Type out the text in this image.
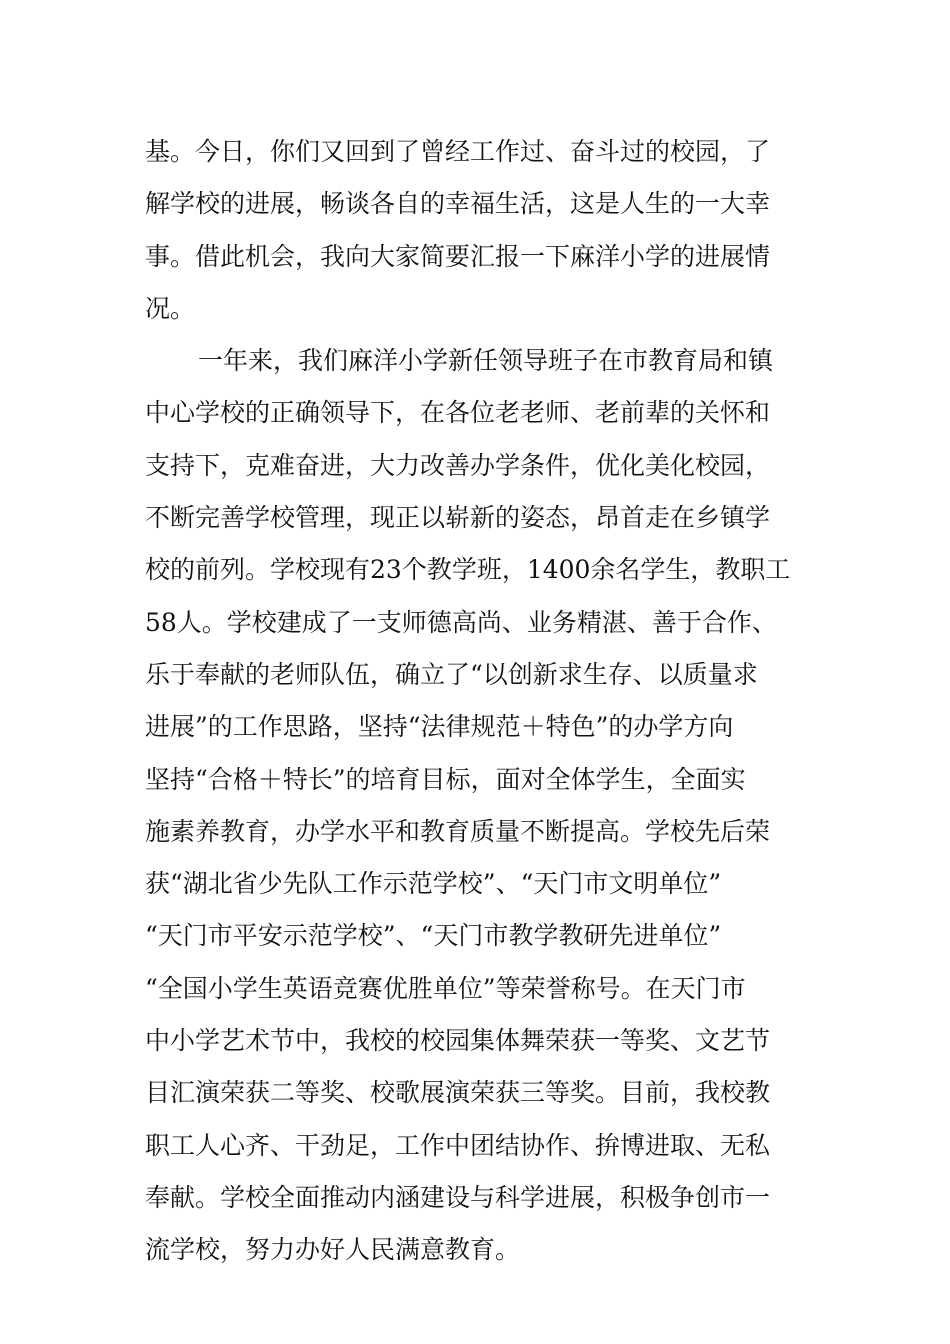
基。今日，你们又回到了曾经工作过、奋斗过的校园，了
解学校的进展，畅谈各自的幸福生活，这是人生的一大幸
事。借此机会，我向大家简要汇报一下麻洋小学的进展情
况。
一年来，我们麻洋小学新任领导班子在市教育局和镇
中心学校的正确领导下，在各位老老师、老前辈的关怀和
支持下，克难奋进，大力改善办学条件，优化美化校园，
不断完善学校管理，现正以崭新的姿态，昂首走在乡镇学
校的前列。学校现有23个教学班，1400余名学生，教职工
58人。学校建成了一支师德高尚、业务精湛、善于合作、
乐于奉献的老师队伍，确立了“以创新求生存、以质量求
进展”的工作思路，坚持“法律规范＋特色”的办学方向
坚持“合格＋特长”的培育目标，面对全体学生，全面实
施素养教育，办学水平和教育质量不断提高。学校先后荣
获“湖北省少先队工作示范学校”、“天门市文明单位”
“天门市平安示范学校”、“天门市教学教研先进单位”
“全国小学生英语竞赛优胜单位”等荣誉称号。在天门市
中小学艺术节中，我校的校园集体舞荣获一等奖、文艺节
目汇演荣获二等奖、校歌展演荣获三等奖。目前，我校教
职工人心齐、干劲足，工作中团结协作、拚博进取、无私
奉献。学校全面推动内涵建设与科学进展，积极争创市一
流学校，努力办好人民满意教育。
